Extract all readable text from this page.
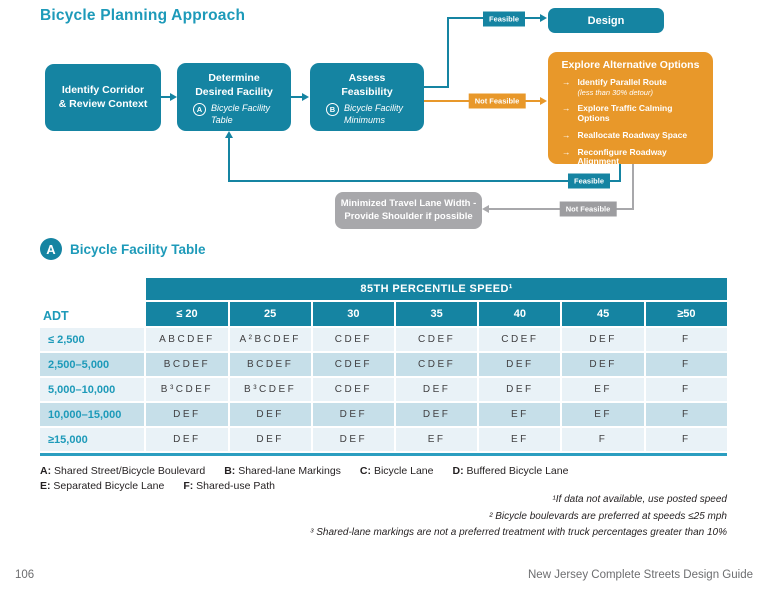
Bicycle Planning Approach	Feasible
Not Feasible
Feasible
Not Feasible
Identify Corridor
& Review Context
Determine
Desired Facility
A Bicycle Facility
Table
Assess
Feasibility
B Bicycle Facility
Minimums
Design
Explore Alternative Options
→ Identify Parallel Route
(less than 30% detour)
→ Explore Traffic Calming Options
→ Reallocate Roadway Space
→ Reconfigure Roadway Alignment
Minimized Travel Lane Width -
Provide Shoulder if possible
A	Bicycle Facility Table
	85TH PERCENTILE SPEED¹						
ADT	≤ 20	25	30	35	40	45	≥50
≤ 2,500	ABCDEF	A²BCDEF	CDEF	CDEF	CDEF	DEF	F
2,500–5,000	BCDEF	BCDEF	CDEF	CDEF	DEF	DEF	F
5,000–10,000	B³CDEF	B³CDEF	CDEF	DEF	DEF	EF	F
10,000–15,000	DEF	DEF	DEF	DEF	EF	EF	F
≥15,000	DEF	DEF	DEF	EF	EF	F	F
A: Shared Street/Bicycle Boulevard B: Shared-lane Markings C: Bicycle Lane D: Buffered Bicycle Lane
E: Separated Bicycle Lane F: Shared-use Path
¹If data not available, use posted speed
² Bicycle boulevards are preferred at speeds ≤25 mph
³ Shared-lane markings are not a preferred treatment with truck percentages greater than 10%
106	New Jersey Complete Streets Design Guide
